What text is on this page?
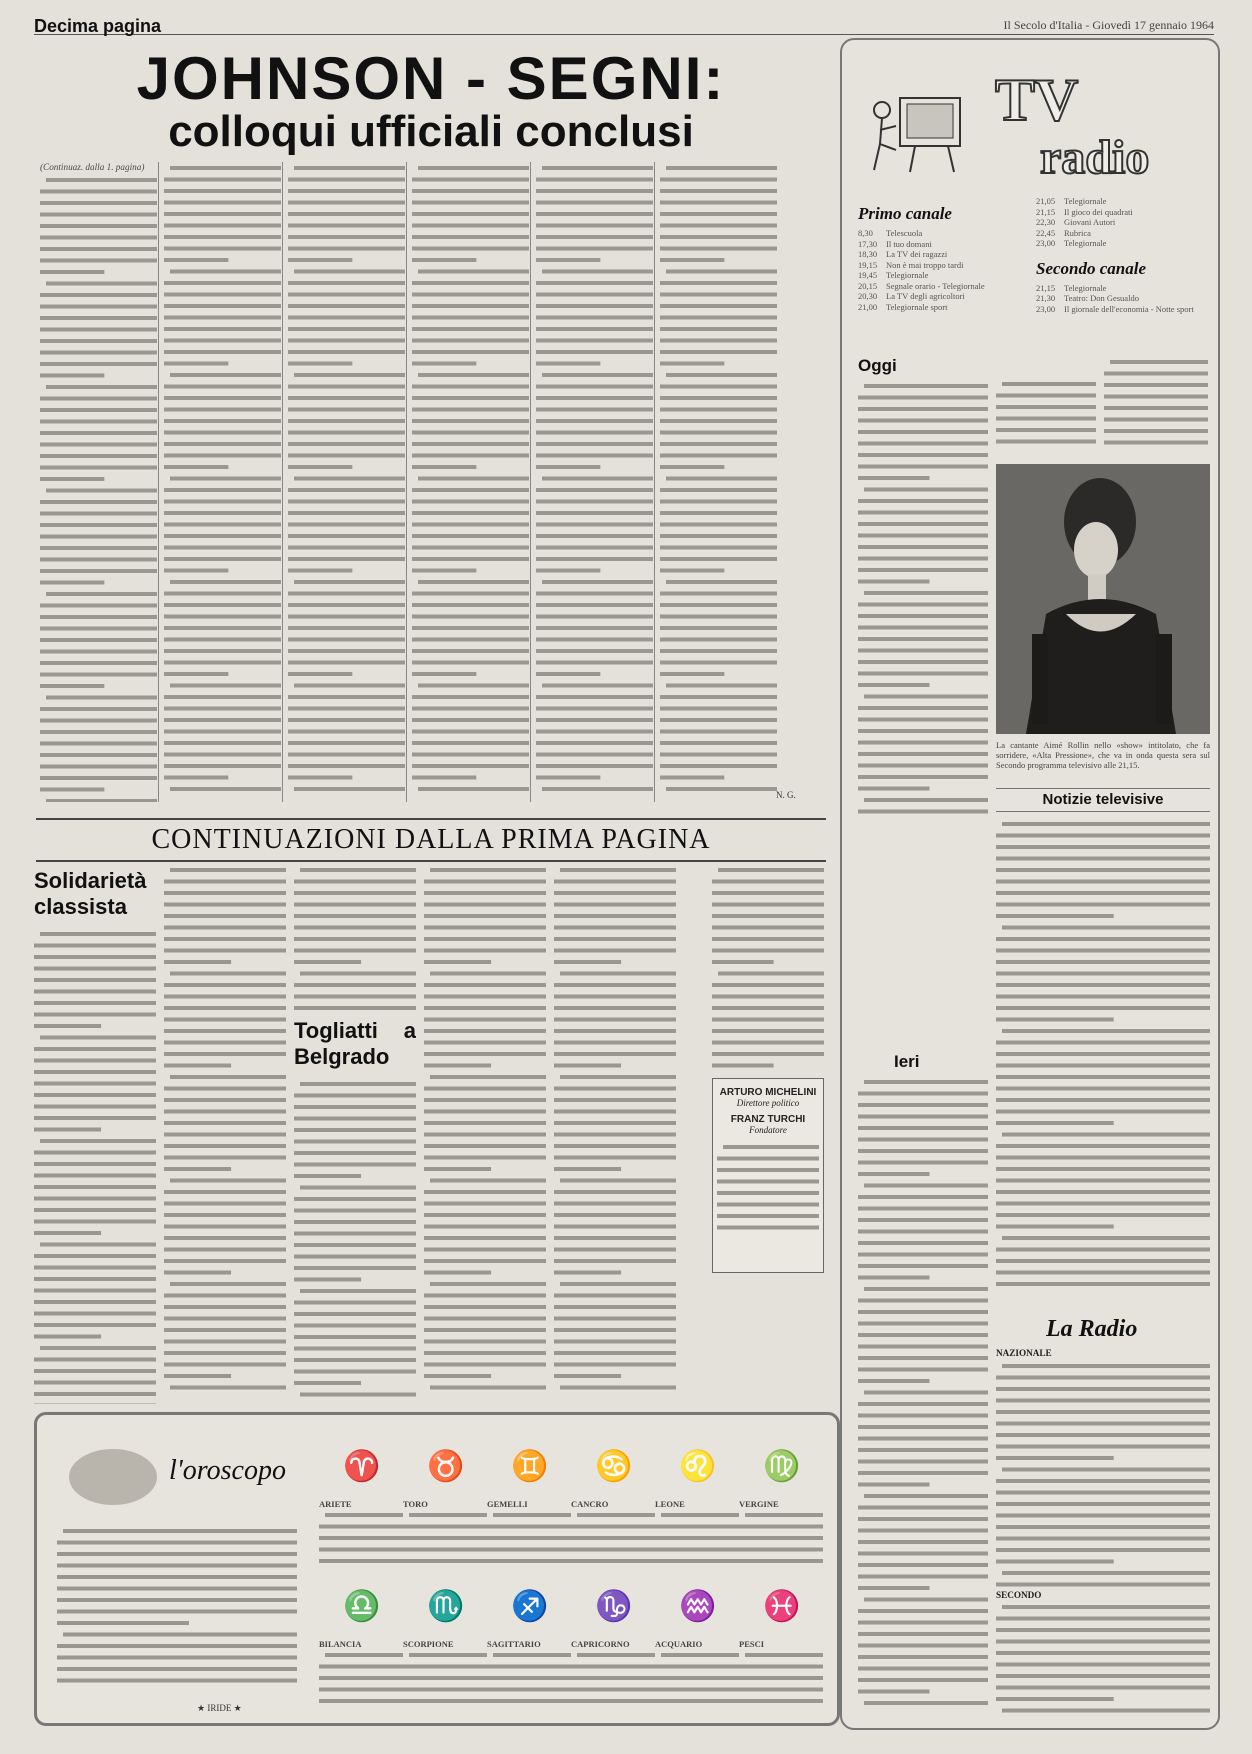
Decima pagina	Il Secolo d'Italia - Giovedì 17 gennaio 1964
JOHNSON - SEGNI:
colloqui ufficiali conclusi
(Continuaz. dalla 1. pagina)
N. G.
CONTINUAZIONI DALLA PRIMA PAGINA
Solidarietà classista
Togliatti a Belgrado
ARTURO MICHELINI
Direttore politico
FRANZ TURCHI
Fondatore
l'oroscopo ♈
ARIETE
♉
TORO
♊
GEMELLI
♋
CANCRO
♌
LEONE
♍
VERGINE
♎
BILANCIA
♏
SCORPIONE
♐
SAGITTARIO
♑
CAPRICORNO
♒
ACQUARIO
♓
PESCI
★ IRIDE ★
TV
radio
Primo canale
8,30	Telescuola
17,30	Il tuo domani
18,30	La TV dei ragazzi
19,15	Non è mai troppo tardi
19,45	Telegiornale
20,15	Segnale orario - Telegiornale
20,30	La TV degli agricoltori
21,00	Telegiornale sport
21,05	Telegiornale
21,15	Il gioco dei quadrati
22,30	Giovani Autori
22,45	Rubrica
23,00	Telegiornale
Secondo canale
21,15	Telegiornale
21,30	Teatro: Don Gesualdo
23,00	Il giornale dell'economia - Notte sport
Oggi
La cantante Aimé Rollin nello «show» intitolato, che fa sorridere, «Alta Pressione», che va in onda questa sera sul Secondo programma televisivo alle 21,15.
Notizie televisive
Ieri
La Radio
NAZIONALE
SECONDO
